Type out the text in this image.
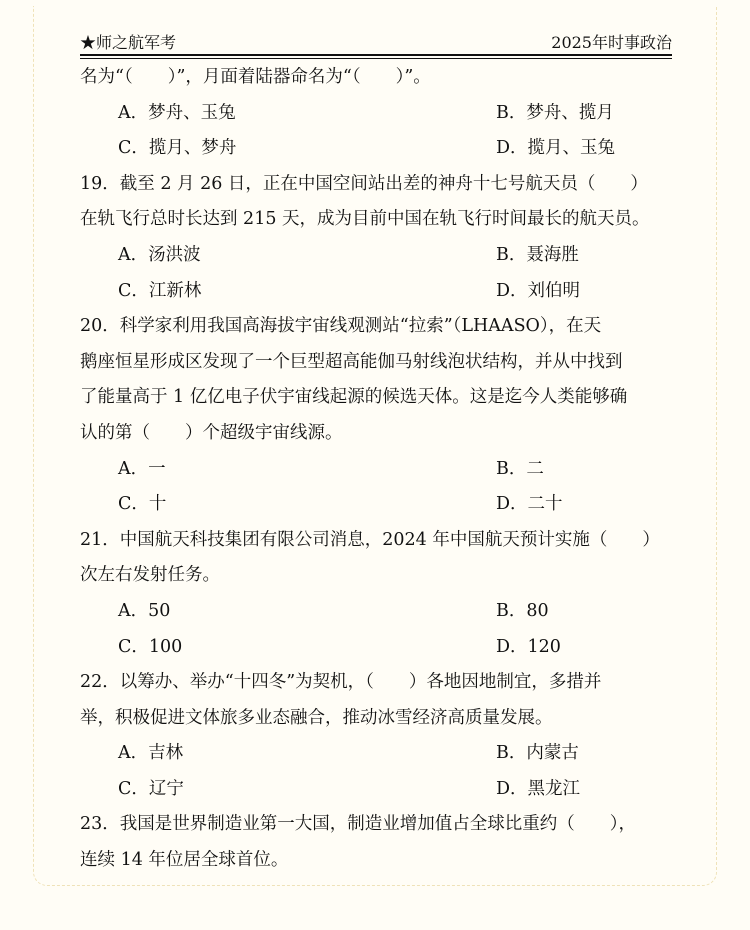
★师之航军考	2025年时事政治
名为“（　　）”，月面着陆器命名为“（　　）”。
A．梦舟、玉兔	B．梦舟、揽月
C．揽月、梦舟	D．揽月、玉兔
19．截至 2 月 26 日，正在中国空间站出差的神舟十七号航天员（　　）
在轨飞行总时长达到 215 天，成为目前中国在轨飞行时间最长的航天员。
A．汤洪波	B．聂海胜
C．江新林	D．刘伯明
20．科学家利用我国高海拔宇宙线观测站“拉索”（LHAASO），在天
鹅座恒星形成区发现了一个巨型超高能伽马射线泡状结构，并从中找到
了能量高于 1 亿亿电子伏宇宙线起源的候选天体。这是迄今人类能够确
认的第（　　）个超级宇宙线源。
A．一	B．二
C．十	D．二十
21．中国航天科技集团有限公司消息，2024 年中国航天预计实施（　　）
次左右发射任务。
A．50	B．80
C．100	D．120
22．以筹办、举办“十四冬”为契机，（　　）各地因地制宜，多措并
举，积极促进文体旅多业态融合，推动冰雪经济高质量发展。
A．吉林	B．内蒙古
C．辽宁	D．黑龙江
23．我国是世界制造业第一大国，制造业增加值占全球比重约（　　），
连续 14 年位居全球首位。
